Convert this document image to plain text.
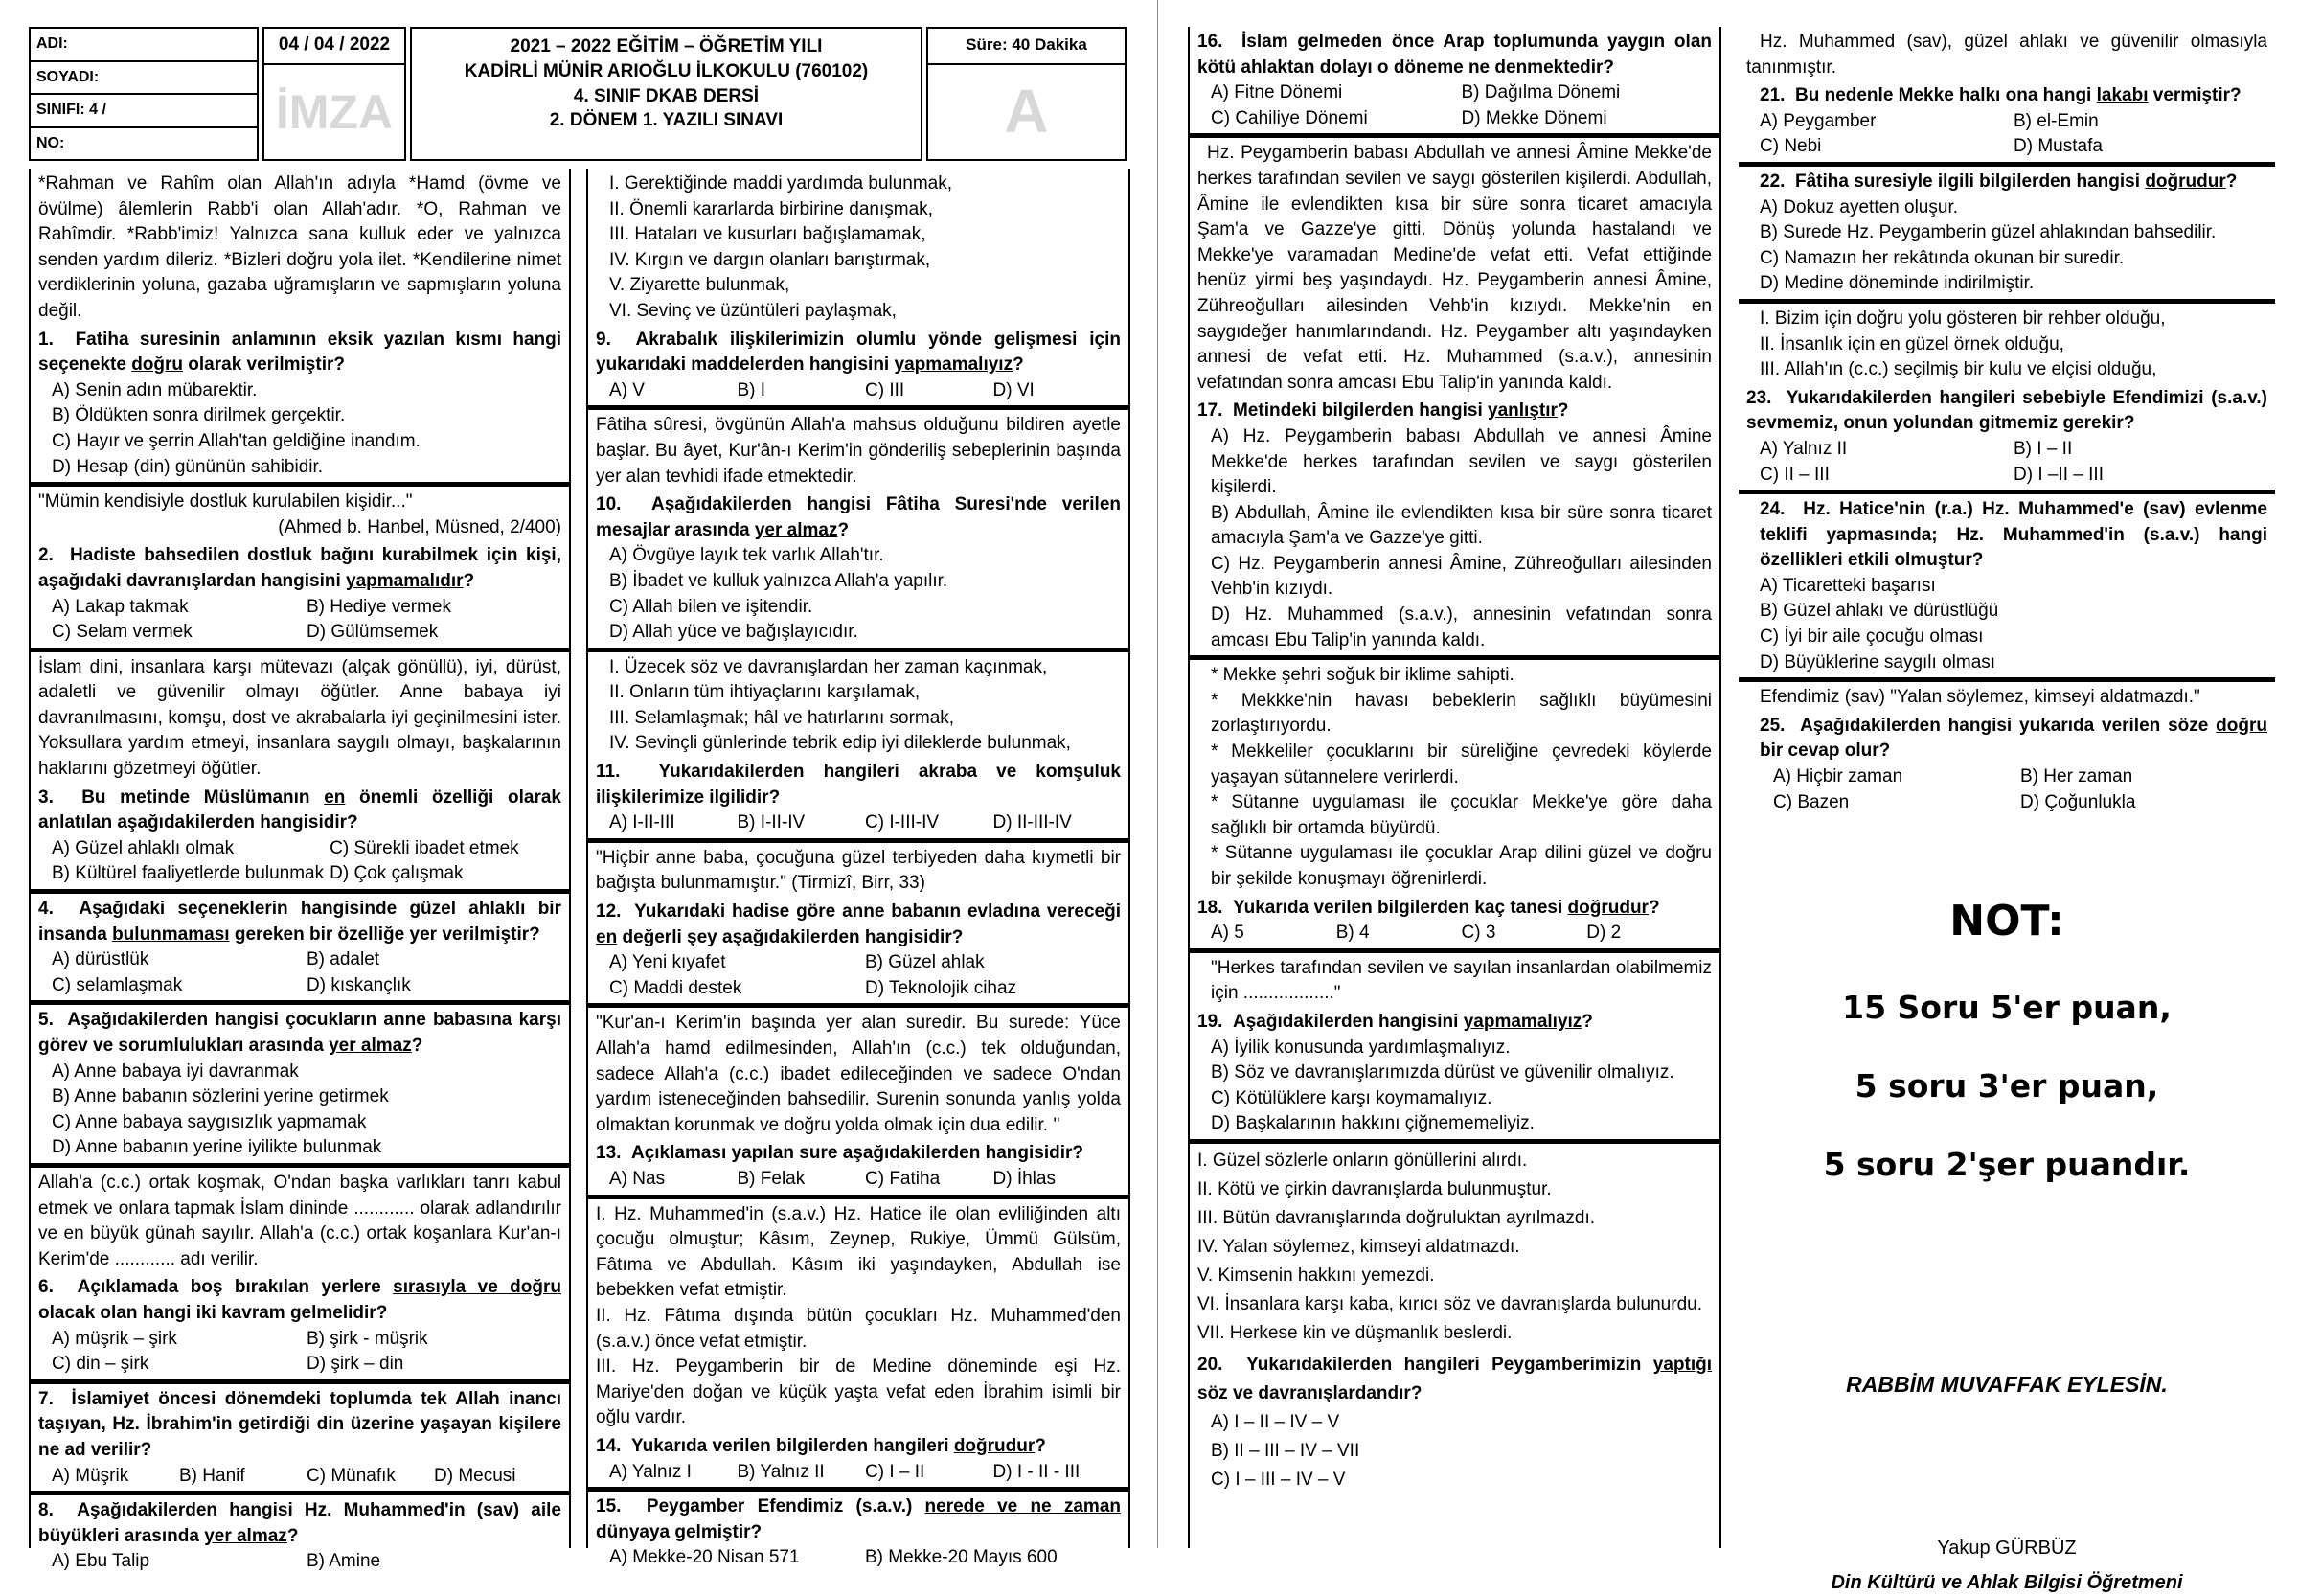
ADI:
SOYADI:
SINIFI: 4 /
NO:
04 / 04 / 2022
İMZA
2021 – 2022 EĞİTİM – ÖĞRETİM YILI
KADİRLİ MÜNİR ARIOĞLU İLKOKULU (760102)
4. SINIF DKAB DERSİ
2. DÖNEM 1. YAZILI SINAVI
Süre: 40 Dakika
A
*Rahman ve Rahîm olan Allah'ın adıyla *Hamd (övme ve övülme) âlemlerin Rabb'i olan Allah'adır. *O, Rahman ve Rahîmdir. *Rabb'imiz! Yalnızca sana kulluk eder ve yalnızca senden yardım dileriz. *Bizleri doğru yola ilet. *Kendilerine nimet verdiklerinin yoluna, gazaba uğramışların ve sapmışların yoluna değil.
1. Fatiha suresinin anlamının eksik yazılan kısmı hangi seçenekte doğru olarak verilmiştir?
A) Senin adın mübarektir.
B) Öldükten sonra dirilmek gerçektir.
C) Hayır ve şerrin Allah'tan geldiğine inandım.
D) Hesap (din) gününün sahibidir.
"Mümin kendisiyle dostluk kurulabilen kişidir..."
(Ahmed b. Hanbel, Müsned, 2/400)
2. Hadiste bahsedilen dostluk bağını kurabilmek için kişi, aşağıdaki davranışlardan hangisini yapmamalıdır?
A) Lakap takmak	B) Hediye vermek
C) Selam vermek	D) Gülümsemek
İslam dini, insanlara karşı mütevazı (alçak gönüllü), iyi, dürüst, adaletli ve güvenilir olmayı öğütler. Anne babaya iyi davranılmasını, komşu, dost ve akrabalarla iyi geçinilmesini ister. Yoksullara yardım etmeyi, insanlara saygılı olmayı, başkalarının haklarını gözetmeyi öğütler.
3. Bu metinde Müslümanın en önemli özelliği olarak anlatılan aşağıdakilerden hangisidir?
A) Güzel ahlaklı olmak	C) Sürekli ibadet etmek
B) Kültürel faaliyetlerde bulunmak D) Çok çalışmak
4. Aşağıdaki seçeneklerin hangisinde güzel ahlaklı bir insanda bulunmaması gereken bir özelliğe yer verilmiştir?
A) dürüstlük	B) adalet
C) selamlaşmak	D) kıskançlık
5. Aşağıdakilerden hangisi çocukların anne babasına karşı görev ve sorumlulukları arasında yer almaz?
A) Anne babaya iyi davranmak
B) Anne babanın sözlerini yerine getirmek
C) Anne babaya saygısızlık yapmamak
D) Anne babanın yerine iyilikte bulunmak
Allah'a (c.c.) ortak koşmak, O'ndan başka varlıkları tanrı kabul etmek ve onlara tapmak İslam dininde ............ olarak adlandırılır ve en büyük günah sayılır. Allah'a (c.c.) ortak koşanlara Kur'an-ı Kerim'de ............ adı verilir.
6. Açıklamada boş bırakılan yerlere sırasıyla ve doğru olacak olan hangi iki kavram gelmelidir?
A) müşrik – şirk	B) şirk - müşrik
C) din – şirk	D) şirk – din
7. İslamiyet öncesi dönemdeki toplumda tek Allah inancı taşıyan, Hz. İbrahim'in getirdiği din üzerine yaşayan kişilere ne ad verilir?
A) Müşrik	B) Hanif	C) Münafık	D) Mecusi
8. Aşağıdakilerden hangisi Hz. Muhammed'in (sav) aile büyükleri arasında yer almaz?
A) Ebu Talip	B) Amine
I. Gerektiğinde maddi yardımda bulunmak,
II. Önemli kararlarda birbirine danışmak,
III. Hataları ve kusurları bağışlamamak,
IV. Kırgın ve dargın olanları barıştırmak,
V. Ziyarette bulunmak,
VI. Sevinç ve üzüntüleri paylaşmak,
9. Akrabalık ilişkilerimizin olumlu yönde gelişmesi için yukarıdaki maddelerden hangisini yapmamalıyız?
A) V	B) I	C) III	D) VI
Fâtiha sûresi, övgünün Allah'a mahsus olduğunu bildiren ayetle başlar. Bu âyet, Kur'ân-ı Kerim'in gönderiliş sebeplerinin başında yer alan tevhidi ifade etmektedir.
10. Aşağıdakilerden hangisi Fâtiha Suresi'nde verilen mesajlar arasında yer almaz?
A) Övgüye layık tek varlık Allah'tır.
B) İbadet ve kulluk yalnızca Allah'a yapılır.
C) Allah bilen ve işitendir.
D) Allah yüce ve bağışlayıcıdır.
I. Üzecek söz ve davranışlardan her zaman kaçınmak,
II. Onların tüm ihtiyaçlarını karşılamak,
III. Selamlaşmak; hâl ve hatırlarını sormak,
IV. Sevinçli günlerinde tebrik edip iyi dileklerde bulunmak,
11. Yukarıdakilerden hangileri akraba ve komşuluk ilişkilerimize ilgilidir?
A) I-II-III	B) I-II-IV	C) I-III-IV	D) II-III-IV
"Hiçbir anne baba, çocuğuna güzel terbiyeden daha kıymetli bir bağışta bulunmamıştır." (Tirmizî, Birr, 33)
12. Yukarıdaki hadise göre anne babanın evladına vereceği en değerli şey aşağıdakilerden hangisidir?
A) Yeni kıyafet	B) Güzel ahlak
C) Maddi destek	D) Teknolojik cihaz
"Kur'an-ı Kerim'in başında yer alan suredir. Bu surede: Yüce Allah'a hamd edilmesinden, Allah'ın (c.c.) tek olduğundan, sadece Allah'a (c.c.) ibadet edileceğinden ve sadece O'ndan yardım isteneceğinden bahsedilir. Surenin sonunda yanlış yolda olmaktan korunmak ve doğru yolda olmak için dua edilir. ''
13. Açıklaması yapılan sure aşağıdakilerden hangisidir?
A) Nas	B) Felak	C) Fatiha	D) İhlas
I. Hz. Muhammed'in (s.a.v.) Hz. Hatice ile olan evliliğinden altı çocuğu olmuştur; Kâsım, Zeynep, Rukiye, Ümmü Gülsüm, Fâtıma ve Abdullah. Kâsım iki yaşındayken, Abdullah ise bebekken vefat etmiştir.
II. Hz. Fâtıma dışında bütün çocukları Hz. Muhammed'den (s.a.v.) önce vefat etmiştir.
III. Hz. Peygamberin bir de Medine döneminde eşi Hz. Mariye'den doğan ve küçük yaşta vefat eden İbrahim isimli bir oğlu vardır.
14. Yukarıda verilen bilgilerden hangileri doğrudur?
A) Yalnız I	B) Yalnız II	C) I – II	D) I - II - III
15. Peygamber Efendimiz (s.a.v.) nerede ve ne zaman dünyaya gelmiştir?
A) Mekke-20 Nisan 571	B) Mekke-20 Mayıs 600
16. İslam gelmeden önce Arap toplumunda yaygın olan kötü ahlaktan dolayı o döneme ne denmektedir?
A) Fitne Dönemi	B) Dağılma Dönemi
C) Cahiliye Dönemi	D) Mekke Dönemi
Hz. Peygamberin babası Abdullah ve annesi Âmine Mekke'de herkes tarafından sevilen ve saygı gösterilen kişilerdi. Abdullah, Âmine ile evlendikten kısa bir süre sonra ticaret amacıyla Şam'a ve Gazze'ye gitti. Dönüş yolunda hastalandı ve Mekke'ye varamadan Medine'de vefat etti. Vefat ettiğinde henüz yirmi beş yaşındaydı. Hz. Peygamberin annesi Âmine, Zühreoğulları ailesinden Vehb'in kızıydı. Mekke'nin en saygıdeğer hanımlarındandı. Hz. Peygamber altı yaşındayken annesi de vefat etti. Hz. Muhammed (s.a.v.), annesinin vefatından sonra amcası Ebu Talip'in yanında kaldı.
17. Metindeki bilgilerden hangisi yanlıştır?
A) Hz. Peygamberin babası Abdullah ve annesi Âmine Mekke'de herkes tarafından sevilen ve saygı gösterilen kişilerdi.
B) Abdullah, Âmine ile evlendikten kısa bir süre sonra ticaret amacıyla Şam'a ve Gazze'ye gitti.
C) Hz. Peygamberin annesi Âmine, Zühreoğulları ailesinden Vehb'in kızıydı.
D) Hz. Muhammed (s.a.v.), annesinin vefatından sonra amcası Ebu Talip'in yanında kaldı.
* Mekke şehri soğuk bir iklime sahipti.
* Mekkke'nin havası bebeklerin sağlıklı büyümesini zorlaştırıyordu.
* Mekkeliler çocuklarını bir süreliğine çevredeki köylerde yaşayan sütannelere verirlerdi.
* Sütanne uygulaması ile çocuklar Mekke'ye göre daha sağlıklı bir ortamda büyürdü.
* Sütanne uygulaması ile çocuklar Arap dilini güzel ve doğru bir şekilde konuşmayı öğrenirlerdi.
18. Yukarıda verilen bilgilerden kaç tanesi doğrudur?
A) 5	B) 4	C) 3	D) 2
"Herkes tarafından sevilen ve sayılan insanlardan olabilmemiz için .................."
19. Aşağıdakilerden hangisini yapmamalıyız?
A) İyilik konusunda yardımlaşmalıyız.
B) Söz ve davranışlarımızda dürüst ve güvenilir olmalıyız.
C) Kötülüklere karşı koymamalıyız.
D) Başkalarının hakkını çiğnememeliyiz.
I. Güzel sözlerle onların gönüllerini alırdı.
II. Kötü ve çirkin davranışlarda bulunmuştur.
III. Bütün davranışlarında doğruluktan ayrılmazdı.
IV. Yalan söylemez, kimseyi aldatmazdı.
V. Kimsenin hakkını yemezdi.
VI. İnsanlara karşı kaba, kırıcı söz ve davranışlarda bulunurdu.
VII. Herkese kin ve düşmanlık beslerdi.
20. Yukarıdakilerden hangileri Peygamberimizin yaptığı söz ve davranışlardandır?
A) I – II – IV – V
B) II – III – IV – VII
C) I – III – IV – V
Hz. Muhammed (sav), güzel ahlakı ve güvenilir olmasıyla tanınmıştır.
21. Bu nedenle Mekke halkı ona hangi lakabı vermiştir?
A) Peygamber	B) el-Emin
C) Nebi	D) Mustafa
22. Fâtiha suresiyle ilgili bilgilerden hangisi doğrudur?
A) Dokuz ayetten oluşur.
B) Surede Hz. Peygamberin güzel ahlakından bahsedilir.
C) Namazın her rekâtında okunan bir suredir.
D) Medine döneminde indirilmiştir.
I. Bizim için doğru yolu gösteren bir rehber olduğu,
II. İnsanlık için en güzel örnek olduğu,
III. Allah'ın (c.c.) seçilmiş bir kulu ve elçisi olduğu,
23. Yukarıdakilerden hangileri sebebiyle Efendimizi (s.a.v.) sevmemiz, onun yolundan gitmemiz gerekir?
A) Yalnız II	B) I – II
C) II – III	D) I –II – III
24. Hz. Hatice'nin (r.a.) Hz. Muhammed'e (sav) evlenme teklifi yapmasında; Hz. Muhammed'in (s.a.v.) hangi özellikleri etkili olmuştur?
A) Ticaretteki başarısı
B) Güzel ahlakı ve dürüstlüğü
C) İyi bir aile çocuğu olması
D) Büyüklerine saygılı olması
Efendimiz (sav) "Yalan söylemez, kimseyi aldatmazdı."
25. Aşağıdakilerden hangisi yukarıda verilen söze doğru bir cevap olur?
A) Hiçbir zaman	B) Her zaman
C) Bazen	D) Çoğunlukla
NOT:
15 Soru 5'er puan,
5 soru 3'er puan,
5 soru 2'şer puandır.
RABBİM MUVAFFAK EYLESİN.
Yakup GÜRBÜZ
Din Kültürü ve Ahlak Bilgisi Öğretmeni
